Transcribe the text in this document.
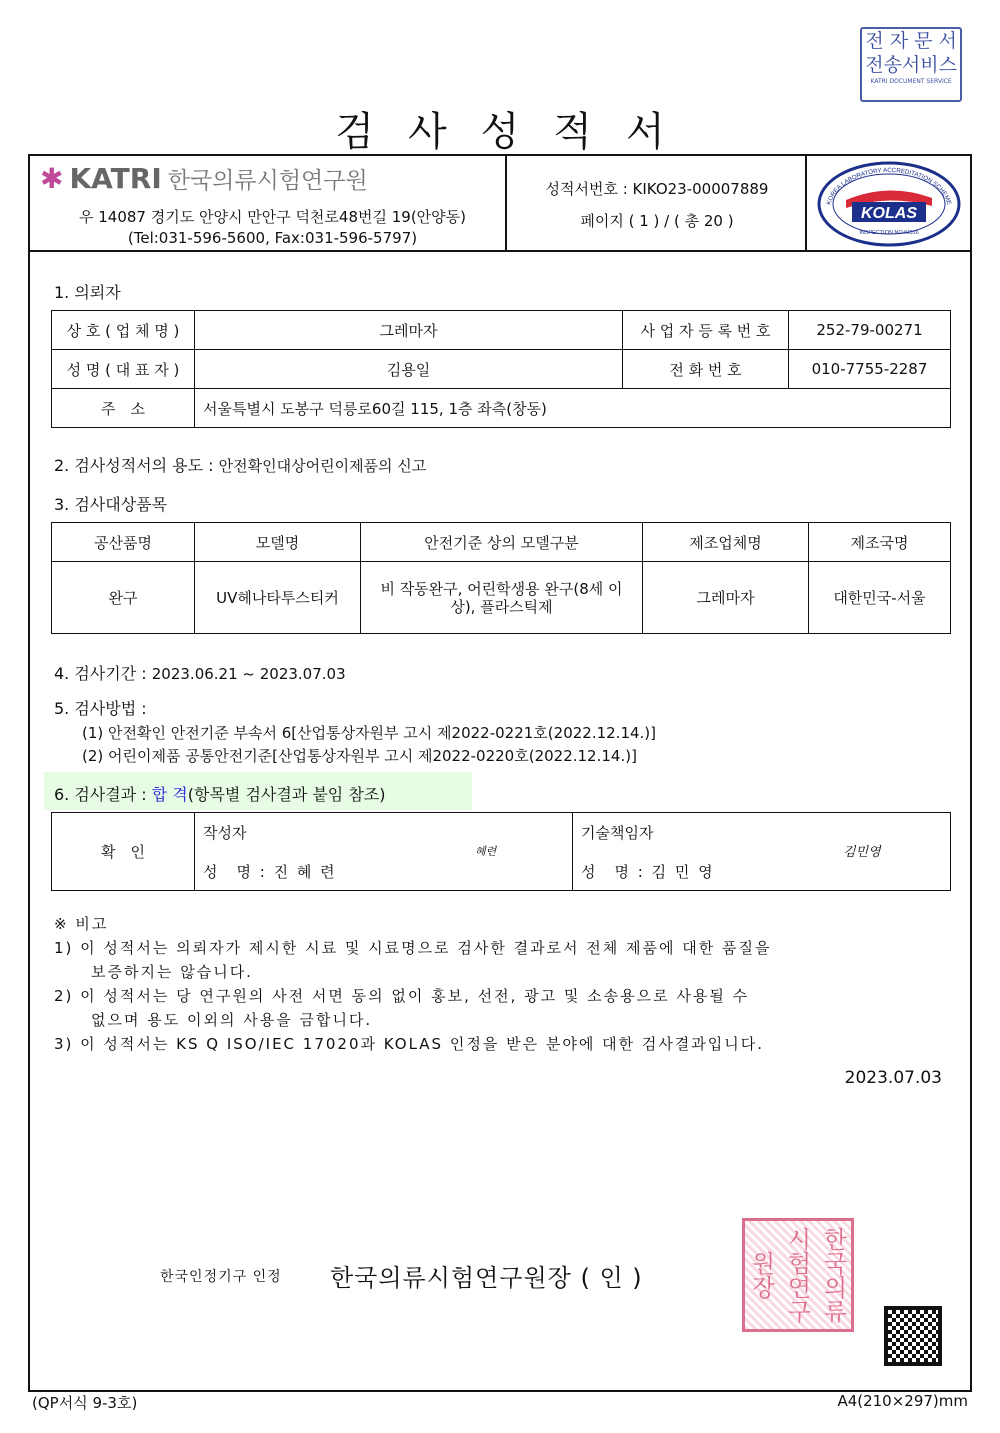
전 자 문 서
전송서비스
KATRI DOCUMENT SERVICE
검사성적서
✱ KATRI 한국의류시험연구원
우 14087 경기도 안양시 만안구 덕천로48번길 19(안양동)
(Tel:031-596-5600, Fax:031-596-5797)
성적서번호 : KIKO23-00007889
페이지 ( 1 ) / ( 총 20 )
KOREA LABORATORY ACCREDITATION SCHEME
KOLAS
INSPECTION NO.KI016
1. 의뢰자
상 호 ( 업 체 명 )	그레마자	사 업 자 등 록 번 호	252-79-00271
성 명 ( 대 표 자 )	김용일	전 화 번 호	010-7755-2287
주　소	서울특별시 도봉구 덕릉로60길 115, 1층 좌측(창동)		
2. 검사성적서의 용도 : 안전확인대상어린이제품의 신고
3. 검사대상품목
공산품명	모델명	안전기준 상의 모델구분	제조업체명	제조국명
완구	UV헤나타투스티커	비 작동완구, 어린학생용 완구(8세 이상), 플라스틱제	그레마자	대한민국-서울
4. 검사기간 : 2023.06.21 ~ 2023.07.03
5. 검사방법 :
(1) 안전확인 안전기준 부속서 6[산업통상자원부 고시 제2022-0221호(2022.12.14.)]
(2) 어린이제품 공통안전기준[산업통상자원부 고시 제2022-0220호(2022.12.14.)]
6. 검사결과 : 합 격(항목별 검사결과 붙임 참조)
확　인	
작성자
성　명 : 진 혜 련
혜련

기술책임자
성　명 : 김 민 영
김민영
※ 비고
1) 이 성적서는 의뢰자가 제시한 시료 및 시료명으로 검사한 결과로서 전체 제품에 대한 품질을
　보증하지는 않습니다.
2) 이 성적서는 당 연구원의 사전 서면 동의 없이 홍보, 선전, 광고 및 소송용으로 사용될 수
　없으며 용도 이외의 사용을 금합니다.
3) 이 성적서는 KS Q ISO/IEC 17020과 KOLAS 인정을 받은 분야에 대한 검사결과입니다.
2023.07.03
한국의류시험연구원장
한국인정기구 인정 한국의류시험연구원장 ( 인 )
(QP서식 9-3호)	A4(210×297)mm
